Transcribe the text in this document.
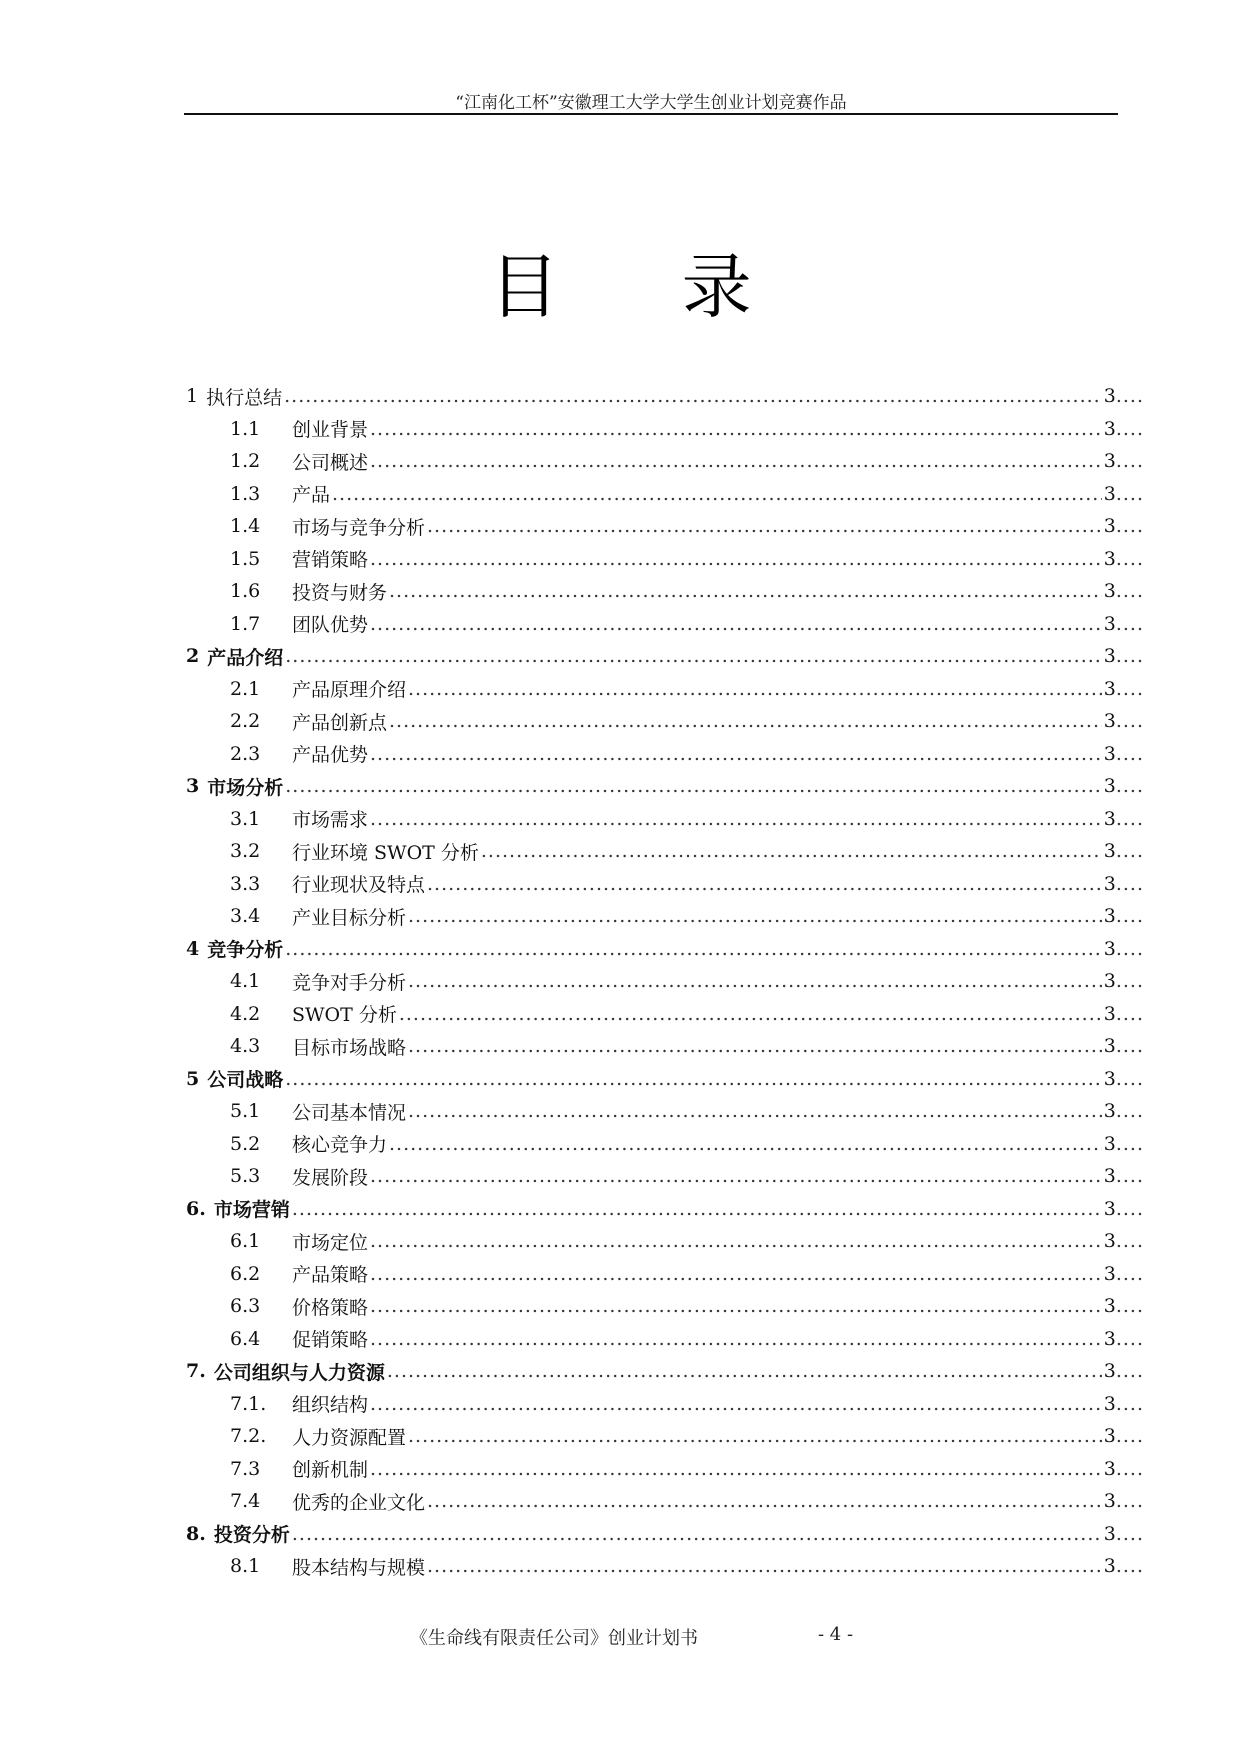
“江南化工杯”安徽理工大学大学生创业计划竞赛作品
目 录
1 执行总结 .....	3
....
1.1	创业背景 .....	3
....
1.2	公司概述 .....	3
....
1.3	产品 .....	3
....
1.4	市场与竞争分析 .....	3
....
1.5	营销策略 .....	3
....
1.6	投资与财务 .....	3
....
1.7	团队优势 .....	3
....
2 产品介绍 .....	3
....
2.1	产品原理介绍 .....	3
....
2.2	产品创新点 .....	3
....
2.3	产品优势 .....	3
....
3 市场分析 .....	3
....
3.1	市场需求 .....	3
....
3.2	行业环境 SWOT 分析 .....	3
....
3.3	行业现状及特点 .....	3
....
3.4	产业目标分析 .....	3
....
4 竞争分析 .....	3
....
4.1	竞争对手分析 .....	3
....
4.2	SWOT 分析 .....	3
....
4.3	目标市场战略 .....	3
....
5 公司战略 .....	3
....
5.1	公司基本情况 .....	3
....
5.2	核心竞争力 .....	3
....
5.3	发展阶段 .....	3
....
6. 市场营销 .....	3
....
6.1	市场定位 .....	3
....
6.2	产品策略 .....	3
....
6.3	价格策略 .....	3
....
6.4	促销策略 .....	3
....
7. 公司组织与人力资源 .....	3
....
7.1.	组织结构 .....	3
....
7.2.	人力资源配置 .....	3
....
7.3	创新机制 .....	3
....
7.4	优秀的企业文化 .....	3
....
8. 投资分析 .....	3
....
8.1	股本结构与规模 .....	3
....
《生命线有限责任公司》创业计划书	- 4 -
